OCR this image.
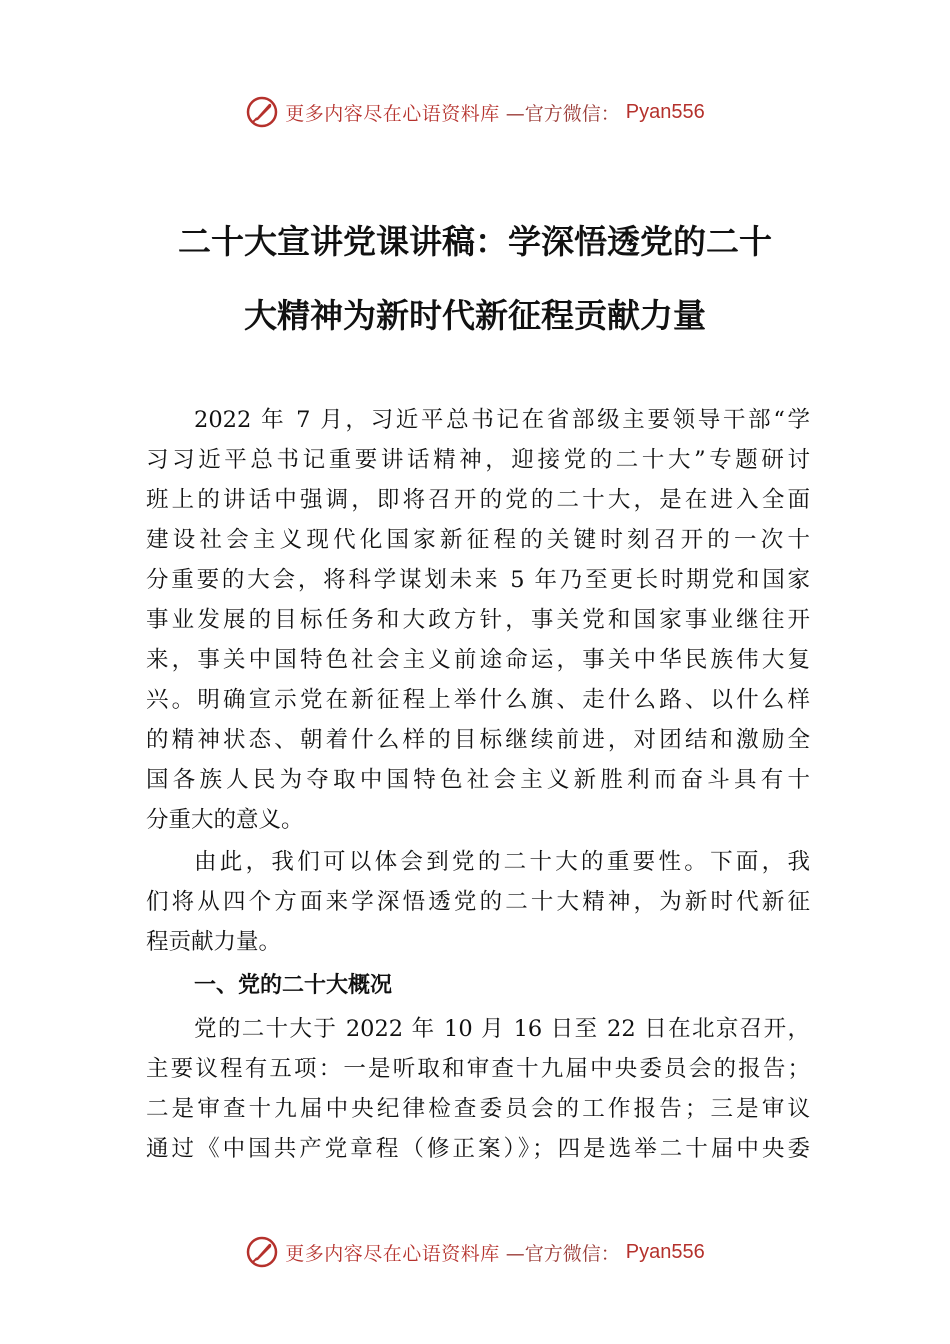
更多内容尽在心语资料库 —官方微信： Pyan556
二十大宣讲党课讲稿：学深悟透党的二十
大精神为新时代新征程贡献力量
2022 年 7 月，习近平总书记在省部级主要领导干部“学
习习近平总书记重要讲话精神，迎接党的二十大”专题研讨
班上的讲话中强调，即将召开的党的二十大，是在进入全面
建设社会主义现代化国家新征程的关键时刻召开的一次十
分重要的大会，将科学谋划未来 5 年乃至更长时期党和国家
事业发展的目标任务和大政方针，事关党和国家事业继往开
来，事关中国特色社会主义前途命运，事关中华民族伟大复
兴。明确宣示党在新征程上举什么旗、走什么路、以什么样
的精神状态、朝着什么样的目标继续前进，对团结和激励全
国各族人民为夺取中国特色社会主义新胜利而奋斗具有十
分重大的意义。
由此，我们可以体会到党的二十大的重要性。下面，我
们将从四个方面来学深悟透党的二十大精神，为新时代新征
程贡献力量。
一、党的二十大概况
党的二十大于 2022 年 10 月 16 日至 22 日在北京召开，
主要议程有五项：一是听取和审查十九届中央委员会的报告；
二是审查十九届中央纪律检查委员会的工作报告；三是审议
通过《中国共产党章程（修正案）》；四是选举二十届中央委
更多内容尽在心语资料库 —官方微信： Pyan556
